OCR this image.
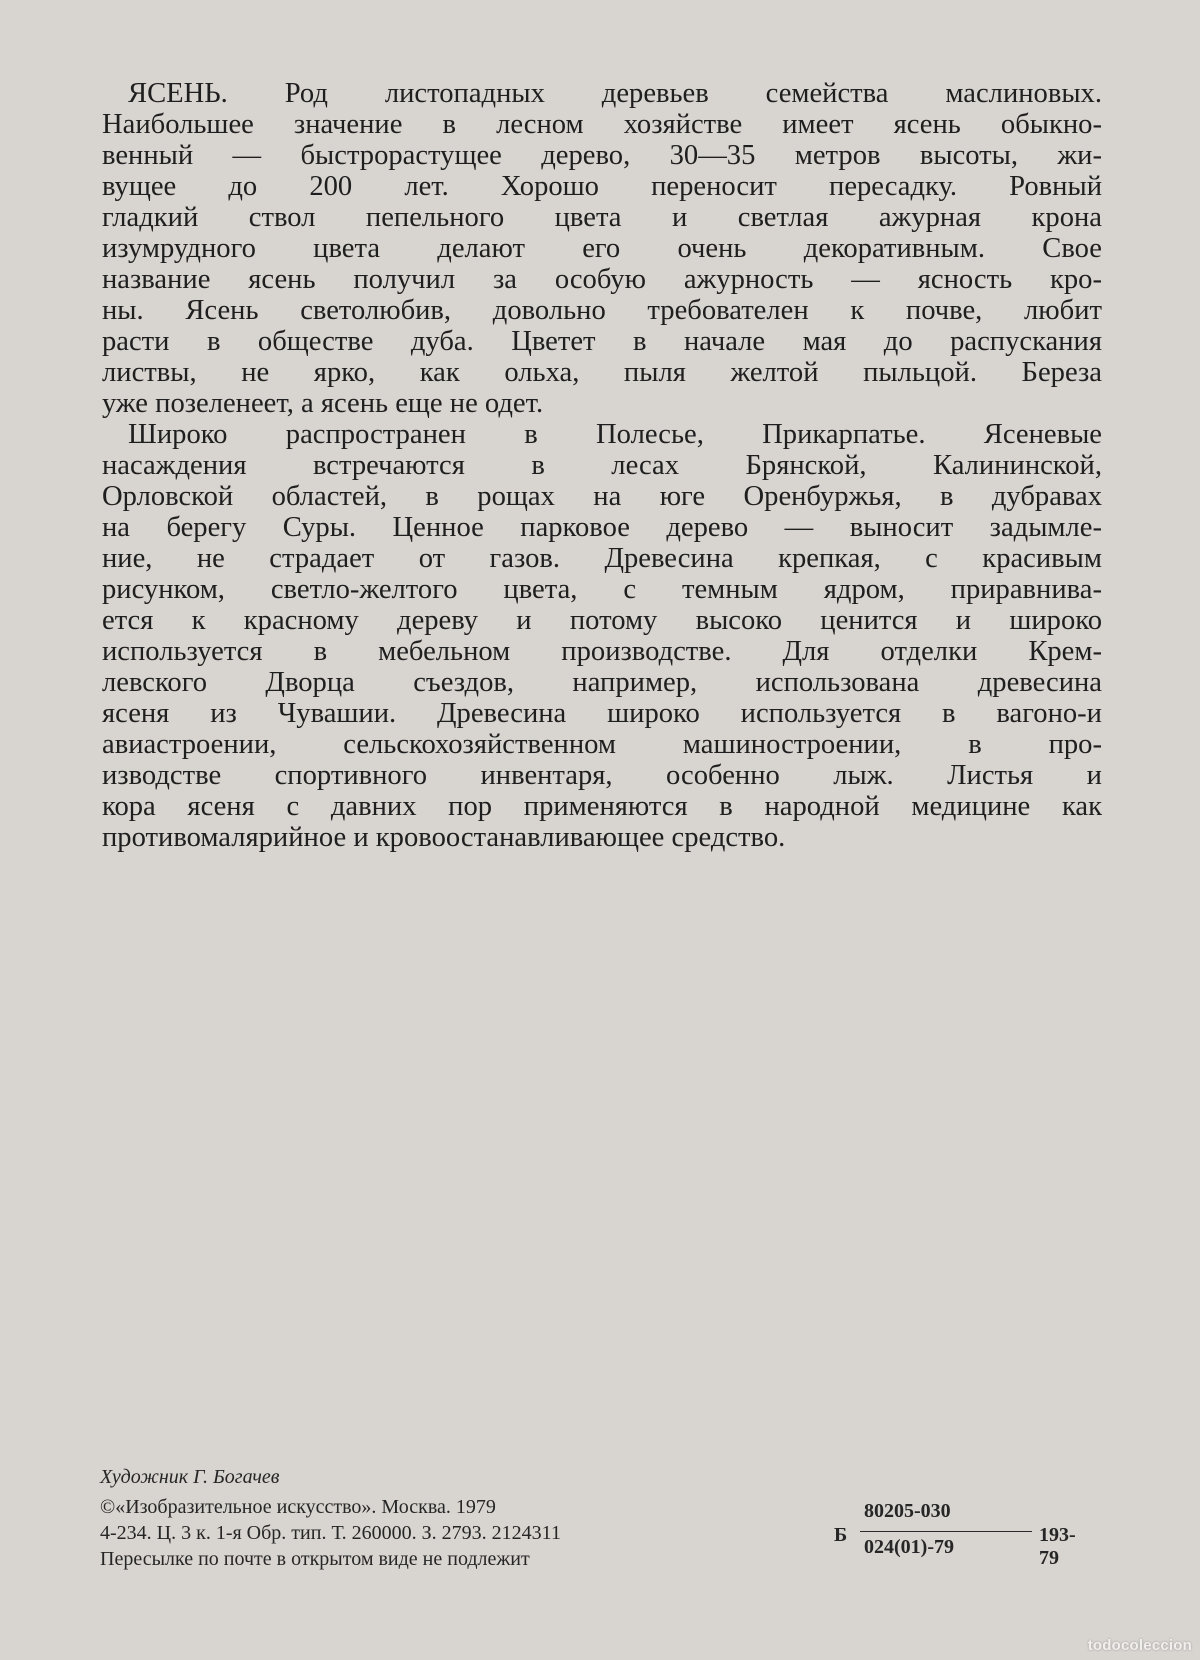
ЯСЕНЬ. Род листопадных деревьев семейства маслиновых.
Наибольшее значение в лесном хозяйстве имеет ясень обыкно-
венный — быстрорастущее дерево, 30—35 метров высоты, жи-
вущее до 200 лет. Хорошо переносит пересадку. Ровный
гладкий ствол пепельного цвета и светлая ажурная крона
изумрудного цвета делают его очень декоративным. Свое
название ясень получил за особую ажурность — ясность кро-
ны. Ясень светолюбив, довольно требователен к почве, любит
расти в обществе дуба. Цветет в начале мая до распускания
листвы, не ярко, как ольха, пыля желтой пыльцой. Береза
уже позеленеет, а ясень еще не одет.

Широко распространен в Полесье, Прикарпатье. Ясеневые
насаждения встречаются в лесах Брянской, Калининской,
Орловской областей, в рощах на юге Оренбуржья, в дубравах
на берегу Суры. Ценное парковое дерево — выносит задымле-
ние, не страдает от газов. Древесина крепкая, с красивым
рисунком, светло-желтого цвета, с темным ядром, приравнива-
ется к красному дереву и потому высоко ценится и широко
используется в мебельном производстве. Для отделки Крем-
левского Дворца съездов, например, использована древесина
ясеня из Чувашии. Древесина широко используется в вагоно-и
авиастроении, сельскохозяйственном машиностроении, в про-
изводстве спортивного инвентаря, особенно лыж. Листья и
кора ясеня с давних пор применяются в народной медицине как
противомалярийное и кровоостанавливающее средство.

Художник Г. Богачев
©«Изобразительное искусство». Москва. 1979
4-234. Ц. 3 к. 1-я Обр. тип. Т. 260000. З. 2793. 2124311
Пересылке по почте в открытом виде не подлежит
Б
80205-030
024(01)-79
193-79
todocoleccion
